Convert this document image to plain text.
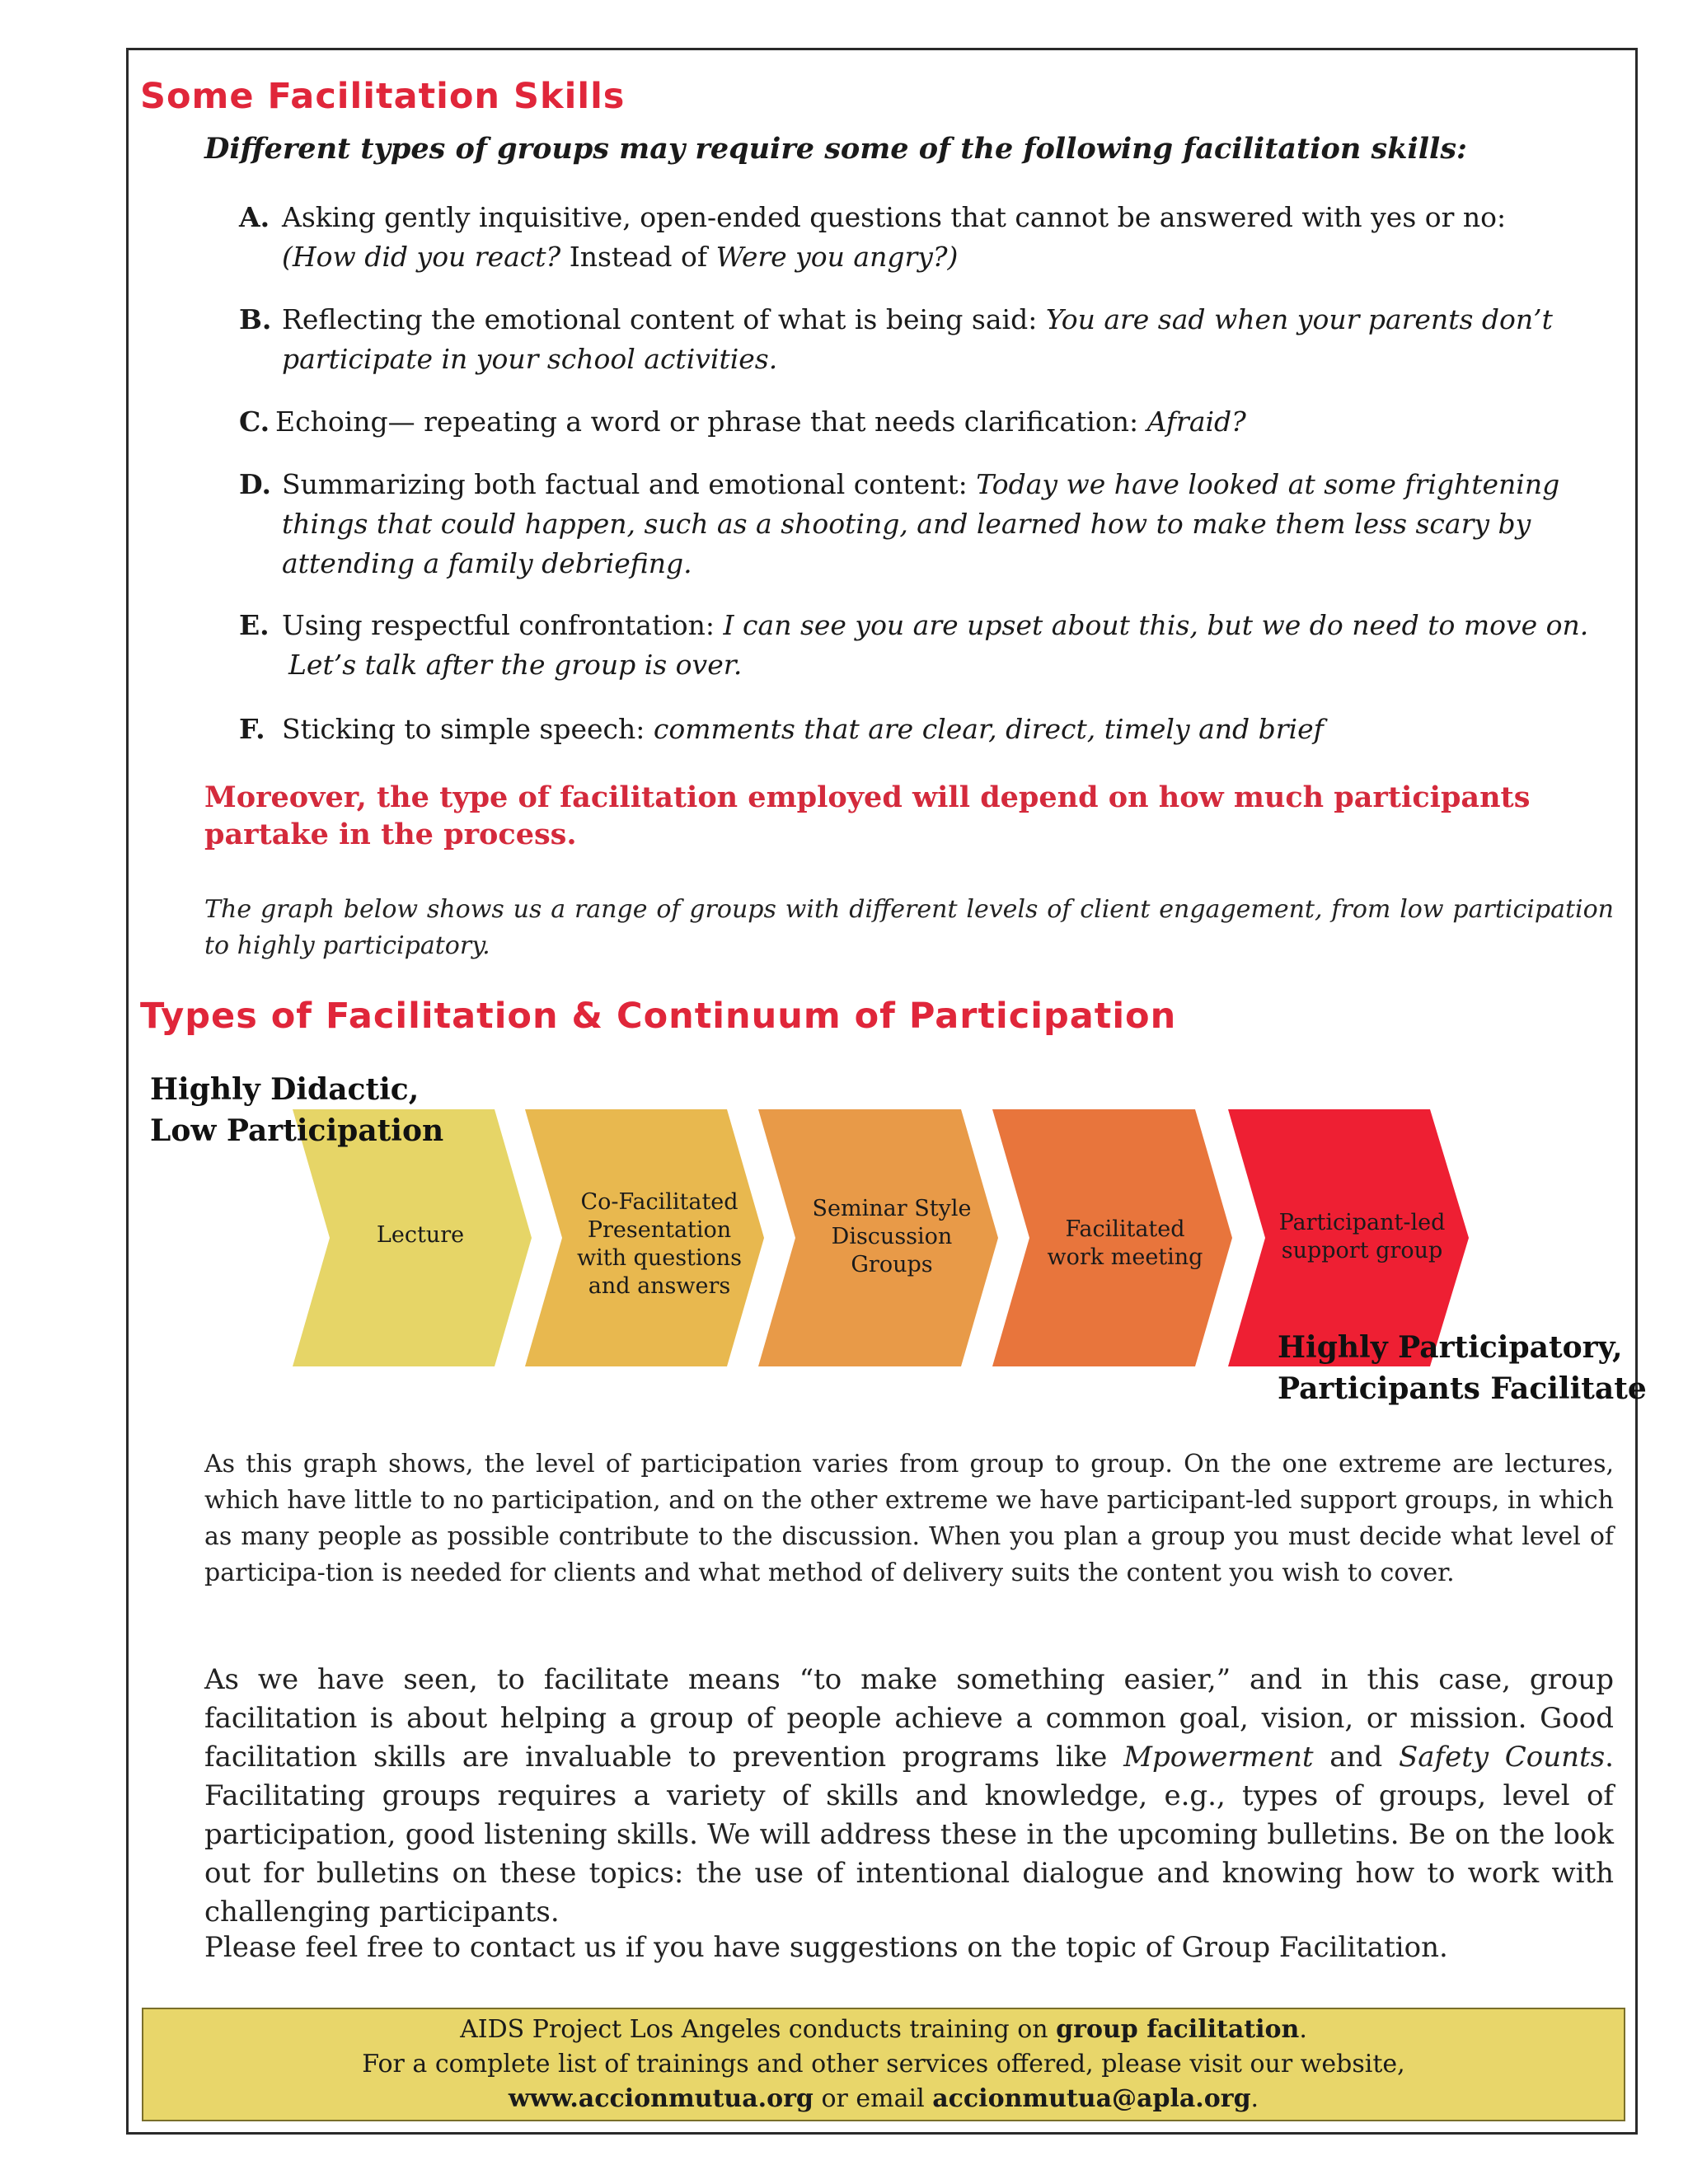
Some Facilitation Skills
Different types of groups may require some of the following facilitation skills:
A. Asking gently inquisitive, open-ended questions that cannot be answered with yes or no:
(How did you react? Instead of Were you angry?)
B. Reflecting the emotional content of what is being said: You are sad when your parents don’t participate in your school activities.
C. Echoing— repeating a word or phrase that needs clarification: Afraid?
D. Summarizing both factual and emotional content: Today we have looked at some frightening things that could happen, such as a shooting, and learned how to make them less scary by attending a family debriefing.
E. Using respectful confrontation: I can see you are upset about this, but we do need to move on.
Let’s talk after the group is over.
F. Sticking to simple speech: comments that are clear, direct, timely and brief
Moreover, the type of facilitation employed will depend on how much participants partake in the process.
The graph below shows us a range of groups with different levels of client engagement, from low participation to highly participatory.
Types of Facilitation & Continuum of Participation
Highly Didactic,
Low Participation
Lecture
Co-Facilitated
Presentation
with questions
and answers
Seminar Style
Discussion
Groups
Facilitated
work meeting
Participant-led
support group
Highly Participatory,
Participants Facilitate
As this graph shows, the level of participation varies from group to group. On the one extreme are lectures, which have little to no participation, and on the other extreme we have participant-led support groups, in which as many people as possible contribute to the discussion. When you plan a group you must decide what level of participa-tion is needed for clients and what method of delivery suits the content you wish to cover.
As we have seen, to facilitate means “to make something easier,” and in this case, group facilitation is about helping a group of people achieve a common goal, vision, or mission. Good facilitation skills are invaluable to prevention programs like Mpowerment and Safety Counts. Facilitating groups requires a variety of skills and knowledge, e.g., types of groups, level of participation, good listening skills. We will address these in the upcoming bulletins. Be on the look out for bulletins on these topics: the use of intentional dialogue and knowing how to work with challenging participants.
Please feel free to contact us if you have suggestions on the topic of Group Facilitation.
AIDS Project Los Angeles conducts training on group facilitation.
For a complete list of trainings and other services offered, please visit our website,
www.accionmutua.org or email accionmutua@apla.org.
